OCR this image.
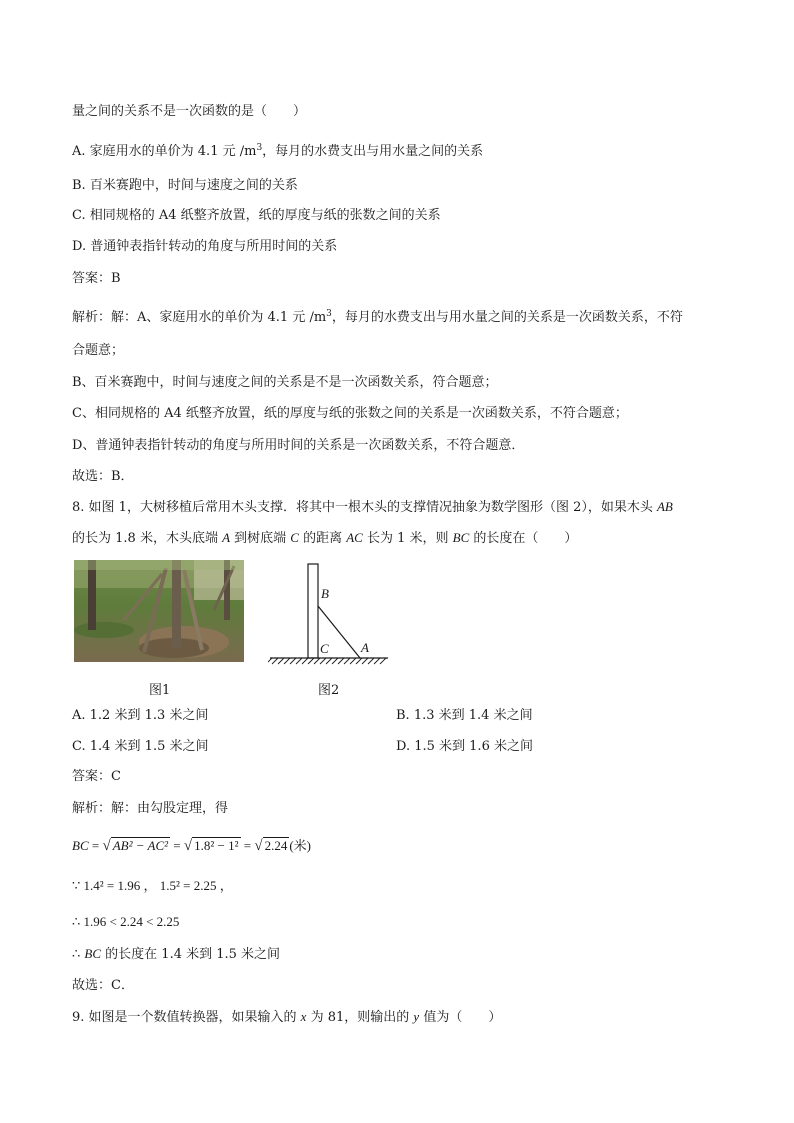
量之间的关系不是一次函数的是（　　）
A. 家庭用水的单价为 4.1 元 $/m^3$，每月的水费支出与用水量之间的关系
B. 百米赛跑中，时间与速度之间的关系
C. 相同规格的 A4 纸整齐放置，纸的厚度与纸的张数之间的关系
D. 普通钟表指针转动的角度与所用时间的关系
答案：B
解析：解：A、家庭用水的单价为 4.1 元 $/m^3$，每月的水费支出与用水量之间的关系是一次函数关系，不符
合题意；
B、百米赛跑中，时间与速度之间的关系是不是一次函数关系，符合题意；
C、相同规格的 A4 纸整齐放置，纸的厚度与纸的张数之间的关系是一次函数关系，不符合题意；
D、普通钟表指针转动的角度与所用时间的关系是一次函数关系，不符合题意．
故选：B．
8. 如图 1，大树移植后常用木头支撑．将其中一根木头的支撑情况抽象为数学图形（图 2），如果木头 AB
的长为 1.8 米，木头底端 A 到树底端 C 的距离 AC 长为 1 米，则 BC 的长度在（　　）
图1
B
C A
图2
A. 1.2 米到 1.3 米之间	B. 1.3 米到 1.4 米之间
C. 1.4 米到 1.5 米之间	D. 1.5 米到 1.6 米之间
答案：C
解析：解：由勾股定理，得
BC = √ AB² − AC² = √ 1.8² − 1² = √ 2.24 (米)
∵ 1.4² = 1.96 ， 1.5² = 2.25 ，
∴ 1.96 < 2.24 < 2.25
∴ BC 的长度在 1.4 米到 1.5 米之间
故选：C．
9. 如图是一个数值转换器，如果输入的 x 为 81，则输出的 y 值为（　　）
